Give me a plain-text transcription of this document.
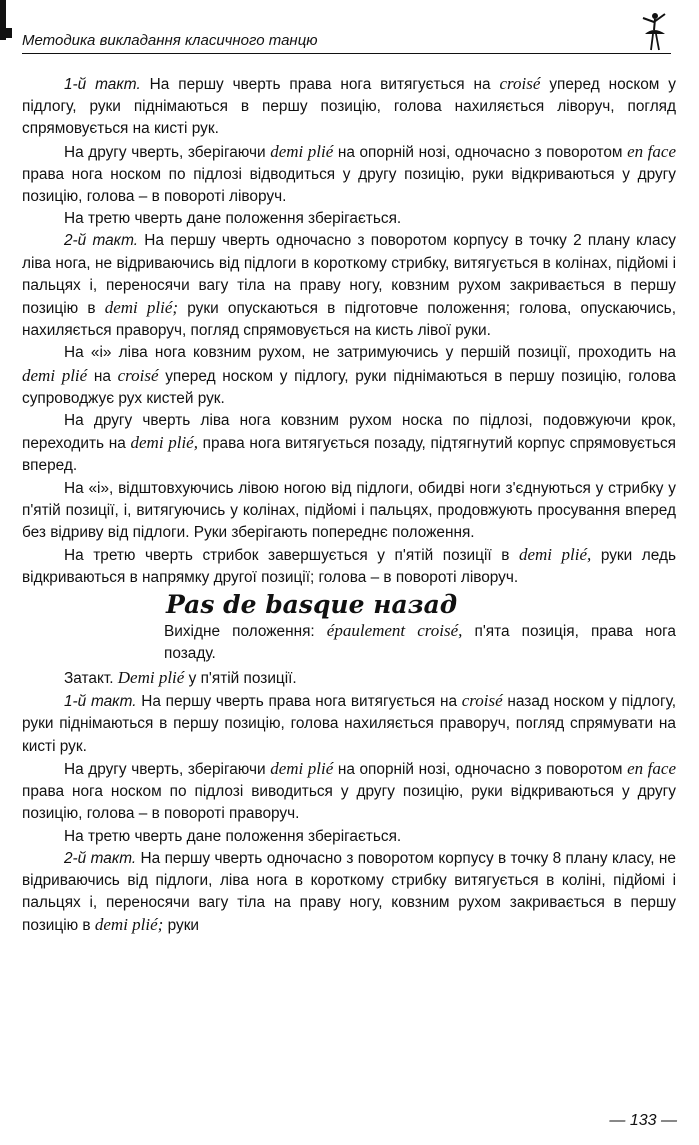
Методика викладання класичного танцю

1-й такт. На першу чверть права нога витягується на croisé уперед носком у підлогу, руки піднімаються в першу позицію, голова нахиляється ліворуч, погляд спрямовується на кисті рук.

На другу чверть, зберігаючи demi plié на опорній нозі, одночасно з поворотом en face права нога носком по підлозі відводиться у другу позицію, руки відкриваються у другу позицію, голова – в повороті ліворуч.

На третю чверть дане положення зберігається.

2-й такт. На першу чверть одночасно з поворотом корпусу в точку 2 плану класу ліва нога, не відриваючись від підлоги в короткому стрибку, витягується в колінах, підйомі і пальцях і, переносячи вагу тіла на праву ногу, ковзним рухом закривається в першу позицію в demi plié; руки опускаються в підготовче положення; голова, опускаючись, нахиляється праворуч, погляд спрямовується на кисть лівої руки.

На «і» ліва нога ковзним рухом, не затримуючись у першій позиції, проходить на demi plié на croisé уперед носком у підлогу, руки піднімаються в першу позицію, голова супроводжує рух кистей рук.

На другу чверть ліва нога ковзним рухом носка по підлозі, подовжуючи крок, переходить на demi plié, права нога витягується позаду, підтягнутий корпус спрямовується вперед.

На «і», відштовхуючись лівою ногою від підлоги, обидві ноги з'єднуються у стрибку у п'ятій позиції, і, витягуючись у колінах, підйомі і пальцях, продовжують просування вперед без відриву від підлоги. Руки зберігають попереднє положення.

На третю чверть стрибок завершується у п'ятій позиції в demi plié, руки ледь відкриваються в напрямку другої позиції; голова – в повороті ліворуч.

Pas de basque назад

Вихідне положення: épaulement croisé, п'ята позиція, права нога позаду.

Затакт. Demi plié у п'ятій позиції.

1-й такт. На першу чверть права нога витягується на croisé назад носком у підлогу, руки піднімаються в першу позицію, голова нахиляється праворуч, погляд спрямувати на кисті рук.

На другу чверть, зберігаючи demi plié на опорній нозі, одночасно з поворотом en face права нога носком по підлозі виводиться у другу позицію, руки відкриваються у другу позицію, голова – в повороті праворуч.

На третю чверть дане положення зберігається.

2-й такт. На першу чверть одночасно з поворотом корпусу в точку 8 плану класу, не відриваючись від підлоги, ліва нога в короткому стрибку витягується в коліні, підйомі і пальцях і, переносячи вагу тіла на праву ногу, ковзним рухом закривається в першу позицію в demi plié; руки

— 133 —
